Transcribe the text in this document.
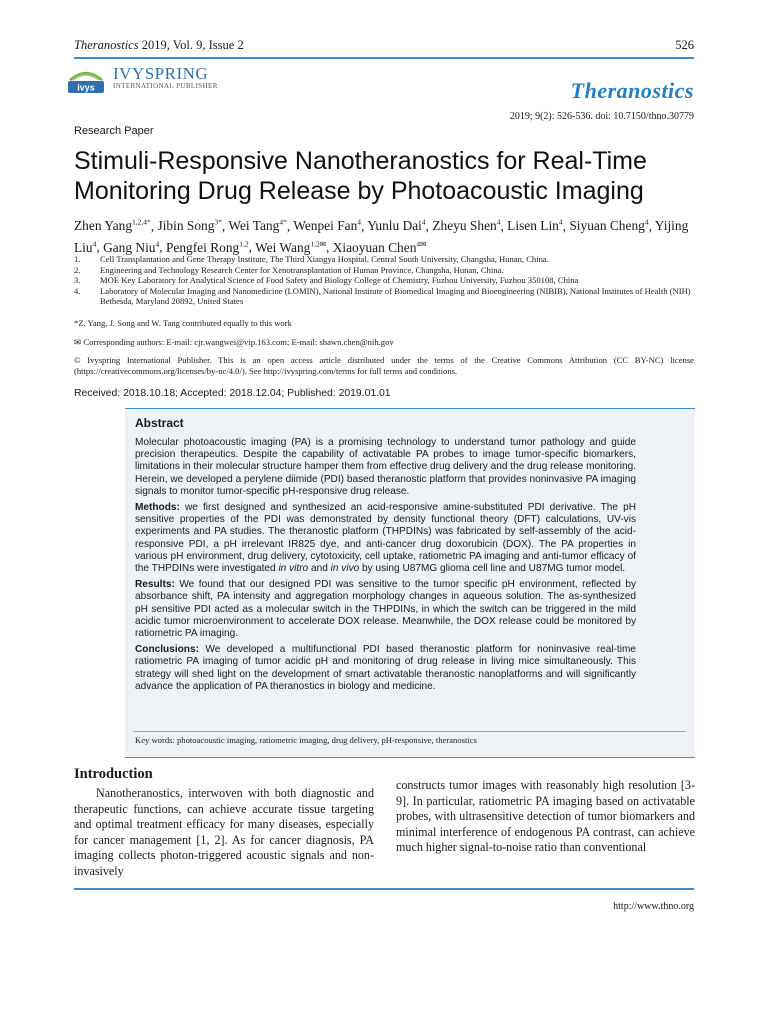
Theranostics 2019, Vol. 9, Issue 2	526
ivys
IVYSPRING
INTERNATIONAL PUBLISHER	Theranostics
2019; 9(2): 526-536. doi: 10.7150/thno.30779
Research Paper
Stimuli-Responsive Nanotheranostics for Real-Time Monitoring Drug Release by Photoacoustic Imaging
Zhen Yang$^{1,2,4*}$, Jibin Song$^{3*}$, Wei Tang$^{4*}$, Wenpei Fan$^4$, Yunlu Dai$^4$, Zheyu Shen$^4$, Lisen Lin$^4$, Siyuan Cheng$^4$, Yijing Liu$^4$, Gang Niu$^4$, Pengfei Rong$^{1,2}$, Wei Wang$^{1,2✉}$, Xiaoyuan Chen$^{4✉}$
1.	Cell Transplantation and Gene Therapy Institute, The Third Xiangya Hospital, Central South University, Changsha, Hunan, China.
2.	Engineering and Technology Research Center for Xenotransplantation of Human Province, Changsha, Hunan, China.
3.	MOE Key Laboratory for Analytical Science of Food Safety and Biology College of Chemistry, Fuzhou University, Fuzhou 350108, China
4.	Laboratory of Molecular Imaging and Nanomedicine (LOMIN), National Institute of Biomedical Imaging and Bioengineering (NIBIB), National Institutes of Health (NIH) Bethesda, Maryland 20892, United States
*Z. Yang, J. Song and W. Tang contributed equally to this work
✉ Corresponding authors: E-mail: cjr.wangwei@vip.163.com; E-mail: shawn.chen@nih.gov
© Ivyspring International Publisher. This is an open access article distributed under the terms of the Creative Commons Attribution (CC BY-NC) license (https://creativecommons.org/licenses/by-nc/4.0/). See http://ivyspring.com/terms for full terms and conditions.
Received: 2018.10.18; Accepted: 2018.12.04; Published: 2019.01.01
Abstract

Molecular photoacoustic imaging (PA) is a promising technology to understand tumor pathology and guide precision therapeutics. Despite the capability of activatable PA probes to image tumor-specific biomarkers, limitations in their molecular structure hamper them from effective drug delivery and the drug release monitoring. Herein, we developed a perylene diimide (PDI) based theranostic platform that provides noninvasive PA imaging signals to monitor tumor-specific pH-responsive drug release.

Methods: we first designed and synthesized an acid-responsive amine-substituted PDI derivative. The pH sensitive properties of the PDI was demonstrated by density functional theory (DFT) calculations, UV-vis experiments and PA studies. The theranostic platform (THPDINs) was fabricated by self-assembly of the acid-responsive PDI, a pH irrelevant IR825 dye, and anti-cancer drug doxorubicin (DOX). The PA properties in various pH environment, drug delivery, cytotoxicity, cell uptake, ratiometric PA imaging and anti-tumor efficacy of the THPDINs were investigated in vitro and in vivo by using U87MG glioma cell line and U87MG tumor model.

Results: We found that our designed PDI was sensitive to the tumor specific pH environment, reflected by absorbance shift, PA intensity and aggregation morphology changes in aqueous solution. The as-synthesized pH sensitive PDI acted as a molecular switch in the THPDINs, in which the switch can be triggered in the mild acidic tumor microenvironment to accelerate DOX release. Meanwhile, the DOX release could be monitored by ratiometric PA imaging.

Conclusions: We developed a multifunctional PDI based theranostic platform for noninvasive real-time ratiometric PA imaging of tumor acidic pH and monitoring of drug release in living mice simultaneously. This strategy will shed light on the development of smart activatable theranostic nanoplatforms and will significantly advance the application of PA theranostics in biology and medicine.

Key words: photoacoustic imaging, ratiometric imaging, drug delivery, pH-responsive, theranostics
Introduction
Nanotheranostics, interwoven with both diagnostic and therapeutic functions, can achieve accurate tissue targeting and optimal treatment efficacy for many diseases, especially for cancer management [1, 2]. As for cancer diagnosis, PA imaging collects photon-triggered acoustic signals and non-invasively
constructs tumor images with reasonably high resolution [3-9]. In particular, ratiometric PA imaging based on activatable probes, with ultrasensitive detection of tumor biomarkers and minimal interference of endogenous PA contrast, can achieve much higher signal-to-noise ratio than conventional
http://www.thno.org
